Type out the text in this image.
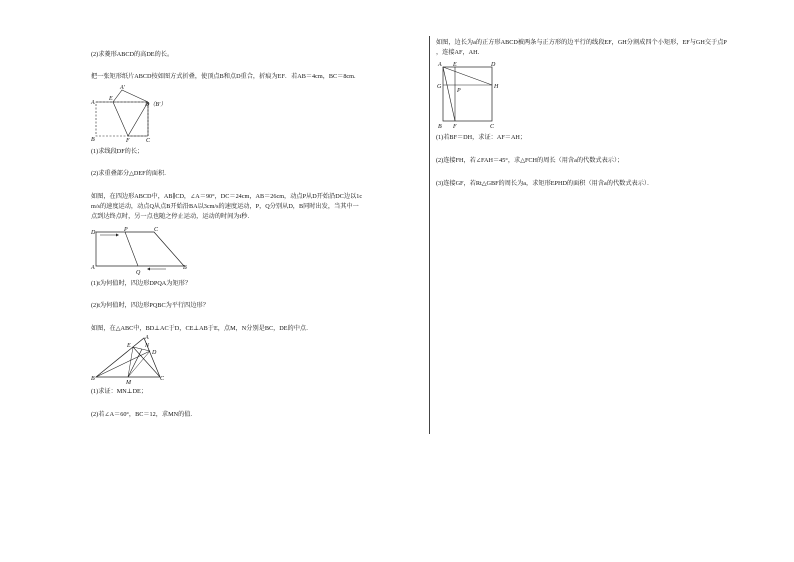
(2)求菱形ABCD的高DE的长。
把一张矩形纸片ABCD按如图方式折叠，使顶点B和点D重合，折痕为EF．若AB＝4cm，BC＝8cm.
A'
A
E
D（B'）
B	F	C
(1)求线段DF的长；
(2)求重叠部分△DEF的面积．
如图，在四边形ABCD中，AB∥CD，∠A＝90°，DC＝24cm，AB＝26cm，动点P从D开始沿DC边以1c
m/s的速度运动，动点Q从点B开始沿BA以3cm/s的速度运动，P，Q分别从D，B同时出发，当其中一
点到达终点时，另一点也随之停止运动，运动的时间为t秒．
D	P	C
A
Q
B
(1)t为何值时，四边形DPQA为矩形？
(2)t为何值时，四边形PQBC为平行四边形？
如图，在△ABC中，BD⊥AC于D，CE⊥AB于E，点M，N分别是BC，DE的中点．
A
E N
D
B
M
C
(1)求证：MN⊥DE；
(2)若∠A＝60°，BC＝12，求MN的值.
如图，边长为a的正方形ABCD被两条与正方形的边平行的线段EF，GH分割成四个小矩形，EF与GH交于点P
，连接AF，AH．
A E	D
G
P
H
B F	C
(1)若BF＝DH，求证：AF＝AH；
(2)连接FH，若∠FAH＝45°，求△FCH的周长（用含a的代数式表示）；
(3)连接GF，若Rt△GBF的周长为a，求矩形EPHD的面积（用含a的代数式表示）．
